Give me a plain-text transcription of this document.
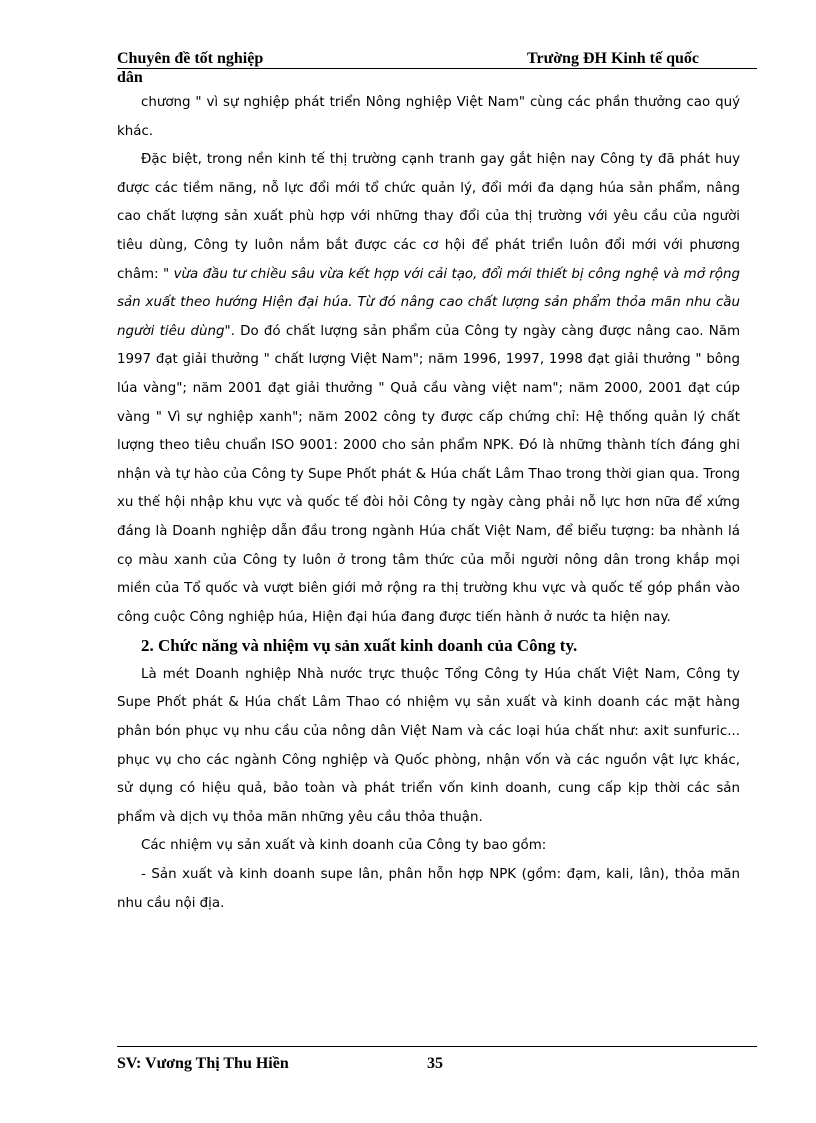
Chuyên đề tốt nghiệp	Trường ĐH Kinh tế quốc
dân

chương " vì sự nghiệp phát triển Nông nghiệp Việt Nam" cùng các phần thưởng cao quý khác.

Đặc biệt, trong nền kinh tế thị trường cạnh tranh gay gắt hiện nay Công ty đã phát huy được các tiềm năng, nỗ lực đổi mới tổ chức quản lý, đổi mới đa dạng húa sản phẩm, nâng cao chất lượng sản xuất phù hợp với những thay đổi của thị trường với yêu cầu của người tiêu dùng, Công ty luôn nắm bắt được các cơ hội để phát triển luôn đổi mới với phương châm: " vừa đầu tư chiều sâu vừa kết hợp với cải tạo, đổi mới thiết bị công nghệ và mở rộng sản xuất theo hướng Hiện đại húa. Từ đó nâng cao chất lượng sản phẩm thỏa mãn nhu cầu người tiêu dùng". Do đó chất lượng sản phẩm của Công ty ngày càng được nâng cao. Năm 1997 đạt giải thưởng " chất lượng Việt Nam"; năm 1996, 1997, 1998 đạt giải thưởng " bông lúa vàng"; năm 2001 đạt giải thưởng " Quả cầu vàng việt nam"; năm 2000, 2001 đạt cúp vàng " Vì sự nghiệp xanh"; năm 2002 công ty được cấp chứng chỉ: Hệ thống quản lý chất lượng theo tiêu chuẩn ISO 9001: 2000 cho sản phẩm NPK. Đó là những thành tích đáng ghi nhận và tự hào của Công ty Supe Phốt phát & Húa chất Lâm Thao trong thời gian qua. Trong xu thế hội nhập khu vực và quốc tế đòi hỏi Công ty ngày càng phải nỗ lực hơn nữa để xứng đáng là Doanh nghiệp dẫn đầu trong ngành Húa chất Việt Nam, để biểu tượng: ba nhành lá cọ màu xanh của Công ty luôn ở trong tâm thức của mỗi người nông dân trong khắp mọi miền của Tổ quốc và vượt biên giới mở rộng ra thị trường khu vực và quốc tế góp phần vào công cuộc Công nghiệp húa, Hiện đại húa đang được tiến hành ở nước ta hiện nay.

2. Chức năng và nhiệm vụ sản xuất kinh doanh của Công ty.

Là mét Doanh nghiệp Nhà nước trực thuộc Tổng Công ty Húa chất Việt Nam, Công ty Supe Phốt phát & Húa chất Lâm Thao có nhiệm vụ sản xuất và kinh doanh các mặt hàng phân bón phục vụ nhu cầu của nông dân Việt Nam và các loại húa chất như: axit sunfuric... phục vụ cho các ngành Công nghiệp và Quốc phòng, nhận vốn và các nguồn vật lực khác, sử dụng có hiệu quả, bảo toàn và phát triển vốn kinh doanh, cung cấp kịp thời các sản phẩm và dịch vụ thỏa mãn những yêu cầu thỏa thuận.

Các nhiệm vụ sản xuất và kinh doanh của Công ty bao gồm:

- Sản xuất và kinh doanh supe lân, phân hỗn hợp NPK (gồm: đạm, kali, lân), thỏa mãn nhu cầu nội địa.

SV: Vương Thị Thu Hiền	35
